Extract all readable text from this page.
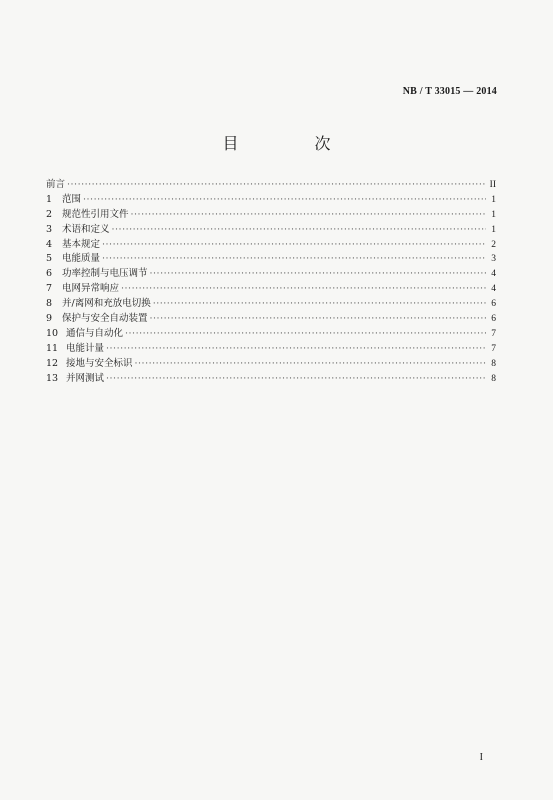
NB / T 33015 — 2014
目　次
前言 ·····	II
1	范围 ·····	1
2	规范性引用文件 ·····	1
3	术语和定义 ·····	1
4	基本规定 ·····	2
5	电能质量 ·····	3
6	功率控制与电压调节 ·····	4
7	电网异常响应 ·····	4
8	并/离网和充放电切换 ·····	6
9	保护与安全自动装置 ·····	6
10 通信与自动化 ·····	7
11 电能计量 ·····	7
12 接地与安全标识 ·····	8
13 并网测试 ·····	8
I
